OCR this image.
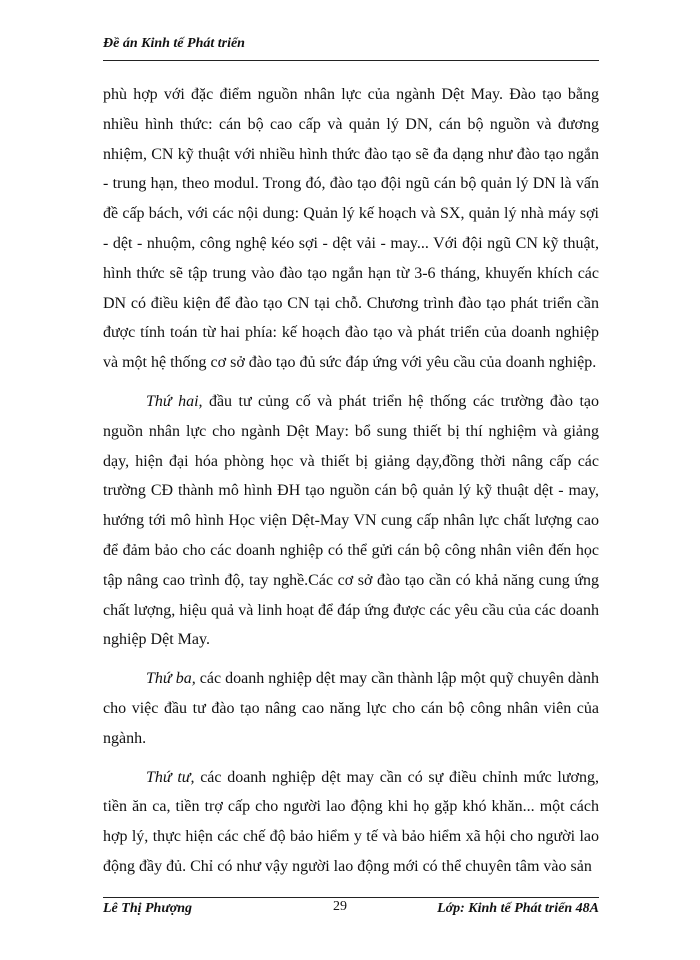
Đề án Kinh tế Phát triển

phù hợp với đặc điểm nguồn nhân lực của ngành Dệt May. Đào tạo bằng nhiều hình thức: cán bộ cao cấp và quản lý DN, cán bộ nguồn và đương nhiệm, CN kỹ thuật với nhiều hình thức đào tạo sẽ đa dạng như đào tạo ngắn - trung hạn, theo modul. Trong đó, đào tạo đội ngũ cán bộ quản lý DN là vấn đề cấp bách, với các nội dung: Quản lý kế hoạch và SX, quản lý nhà máy sợi - dệt - nhuộm, công nghệ kéo sợi - dệt vải - may... Với đội ngũ CN kỹ thuật, hình thức sẽ tập trung vào đào tạo ngắn hạn từ 3-6 tháng, khuyến khích các DN có điều kiện để đào tạo CN tại chỗ. Chương trình đào tạo phát triển cần được tính toán từ hai phía: kế hoạch đào tạo và phát triển của doanh nghiệp và một hệ thống cơ sở đào tạo đủ sức đáp ứng với yêu cầu của doanh nghiệp.

Thứ hai, đầu tư củng cố và phát triển hệ thống các trường đào tạo nguồn nhân lực cho ngành Dệt May: bổ sung thiết bị thí nghiệm và giảng dạy, hiện đại hóa phòng học và thiết bị giảng dạy,đồng thời nâng cấp các trường CĐ thành mô hình ĐH tạo nguồn cán bộ quản lý kỹ thuật dệt - may, hướng tới mô hình Học viện Dệt-May VN cung cấp nhân lực chất lượng cao để đảm bảo cho các doanh nghiệp có thể gửi cán bộ công nhân viên đến học tập nâng cao trình độ, tay nghề.Các cơ sở đào tạo cần có khả năng cung ứng chất lượng, hiệu quả và linh hoạt để đáp ứng được các yêu cầu của các doanh nghiệp Dệt May.

Thứ ba, các doanh nghiệp dệt may cần thành lập một quỹ chuyên dành cho việc đầu tư đào tạo nâng cao năng lực cho cán bộ công nhân viên của ngành.

Thứ tư, các doanh nghiệp dệt may cần có sự điều chỉnh mức lương, tiền ăn ca, tiền trợ cấp cho người lao động khi họ gặp khó khăn... một cách hợp lý, thực hiện các chế độ bảo hiểm y tế và bảo hiểm xã hội cho người lao động đầy đủ. Chỉ có như vậy người lao động mới có thể chuyên tâm vào sản

Lê Thị Phượng	29	Lớp: Kinh tế Phát triển 48A
